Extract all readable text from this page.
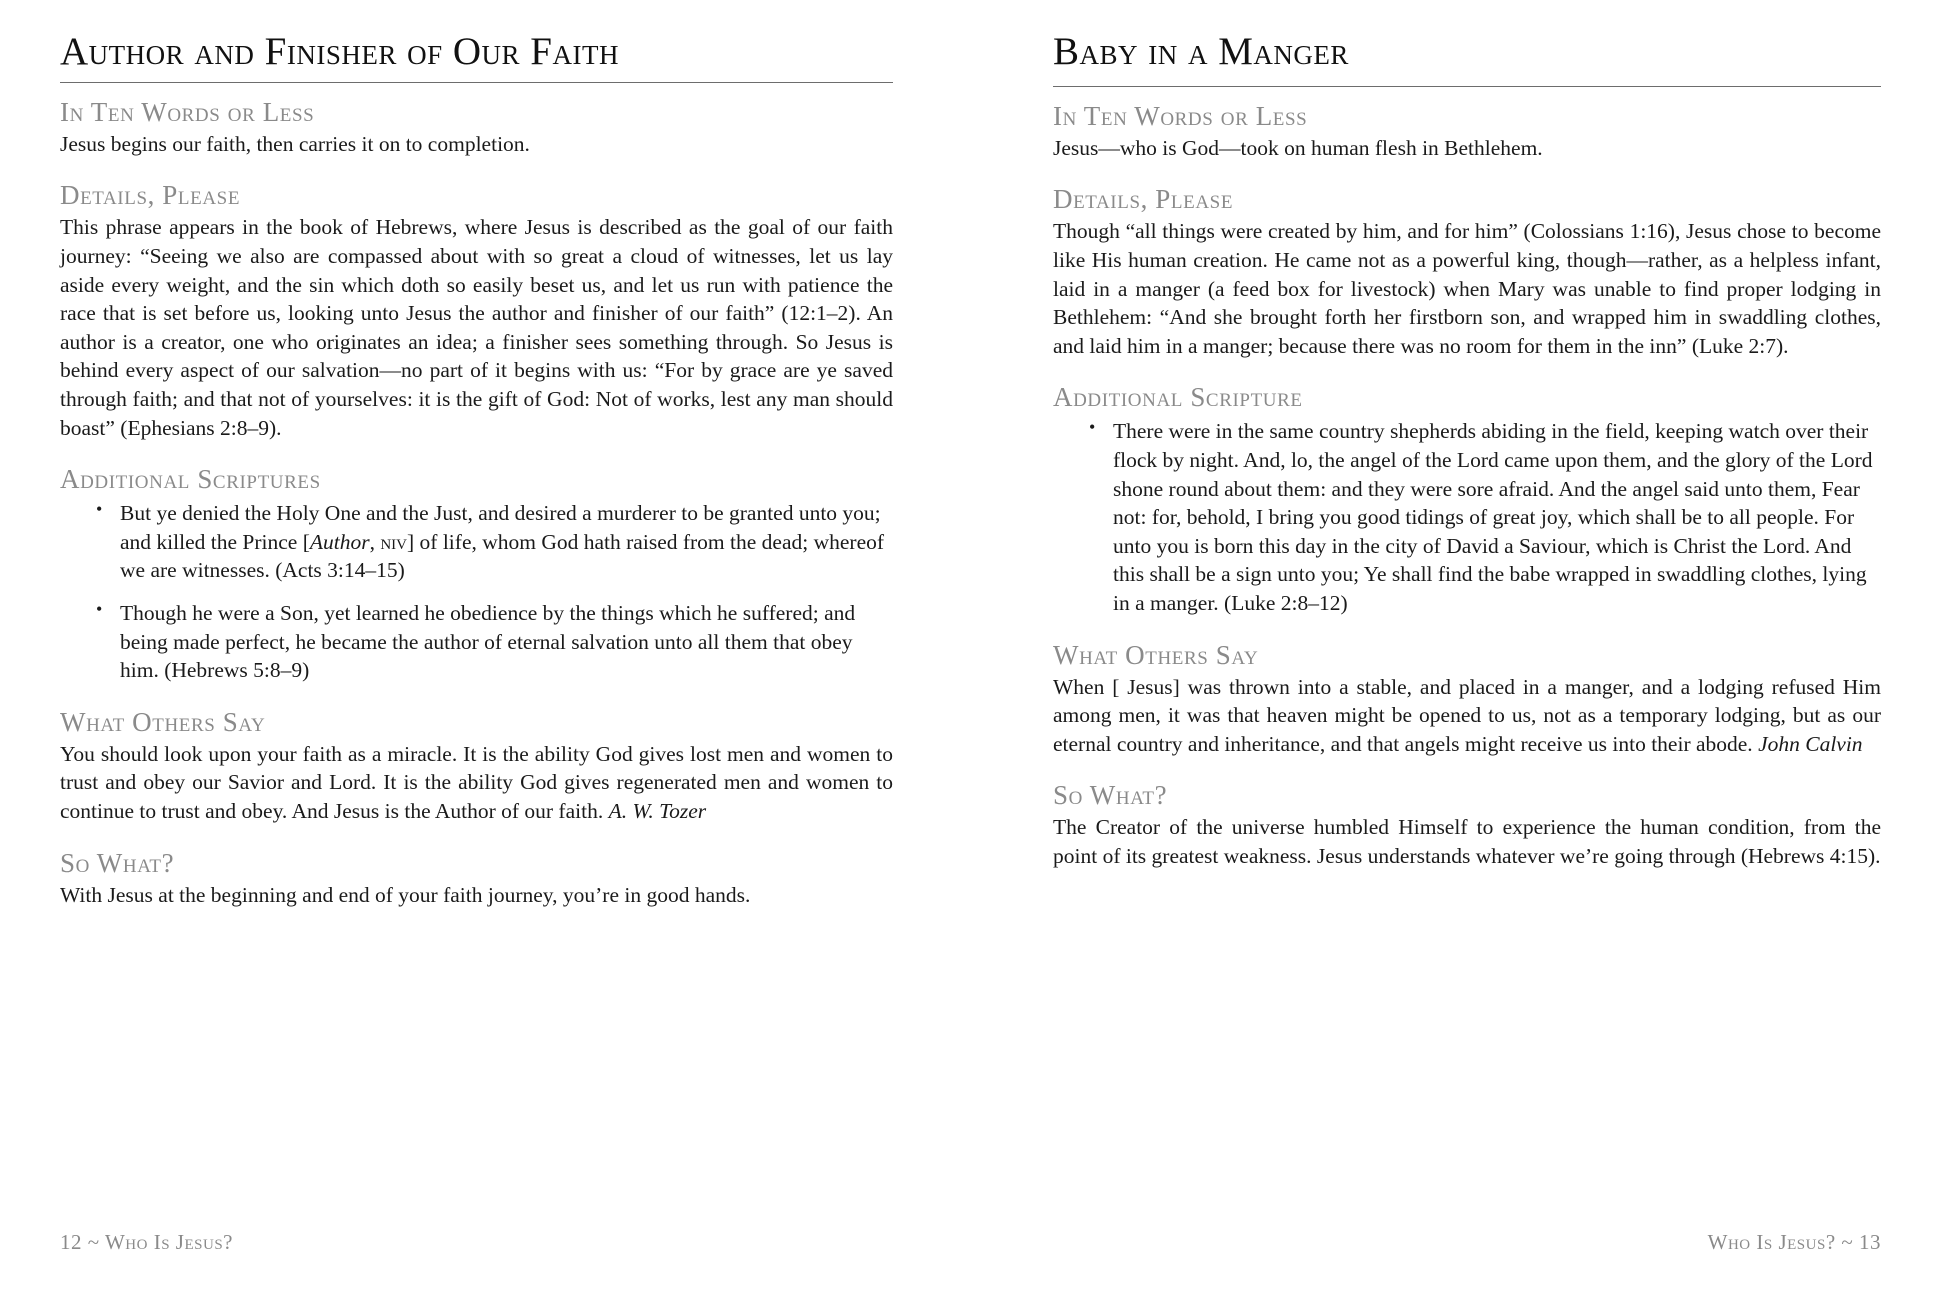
Author and Finisher of Our Faith
In Ten Words or Less

Jesus begins our faith, then carries it on to completion.

Details, Please

This phrase appears in the book of Hebrews, where Jesus is described as the goal of our faith journey: “Seeing we also are compassed about with so great a cloud of witnesses, let us lay aside every weight, and the sin which doth so easily beset us, and let us run with patience the race that is set before us, looking unto Jesus the author and finisher of our faith” (12:1–2). An author is a creator, one who originates an idea; a finisher sees something through. So Jesus is behind every aspect of our salvation—no part of it begins with us: “For by grace are ye saved through faith; and that not of yourselves: it is the gift of God: Not of works, lest any man should boast” (Ephesians 2:8–9).

Additional Scriptures
• But ye denied the Holy One and the Just, and desired a murderer to be granted unto you; and killed the Prince [Author, niv] of life, whom God hath raised from the dead; whereof we are witnesses. (Acts 3:14–15)
• Though he were a Son, yet learned he obedience by the things which he suffered; and being made perfect, he became the author of eternal salvation unto all them that obey him. (Hebrews 5:8–9)
What Others Say

You should look upon your faith as a miracle. It is the ability God gives lost men and women to trust and obey our Savior and Lord. It is the ability God gives regenerated men and women to continue to trust and obey. And Jesus is the Author of our faith. A. W. Tozer

So What?

With Jesus at the beginning and end of your faith journey, you’re in good hands.

12 ~ Who Is Jesus?
Baby in a Manger
In Ten Words or Less

Jesus—who is God—took on human flesh in Bethlehem.

Details, Please

Though “all things were created by him, and for him” (Colossians 1:16), Jesus chose to become like His human creation. He came not as a powerful king, though—rather, as a helpless infant, laid in a manger (a feed box for livestock) when Mary was unable to find proper lodging in Bethlehem: “And she brought forth her firstborn son, and wrapped him in swaddling clothes, and laid him in a manger; because there was no room for them in the inn” (Luke 2:7).

Additional Scripture
• There were in the same country shepherds abiding in the field, keeping watch over their flock by night. And, lo, the angel of the Lord came upon them, and the glory of the Lord shone round about them: and they were sore afraid. And the angel said unto them, Fear not: for, behold, I bring you good tidings of great joy, which shall be to all people. For unto you is born this day in the city of David a Saviour, which is Christ the Lord. And this shall be a sign unto you; Ye shall find the babe wrapped in swaddling clothes, lying in a manger. (Luke 2:8–12)
What Others Say

When [ Jesus] was thrown into a stable, and placed in a manger, and a lodging refused Him among men, it was that heaven might be opened to us, not as a temporary lodging, but as our eternal country and inheritance, and that angels might receive us into their abode. John Calvin

So What?

The Creator of the universe humbled Himself to experience the human condition, from the point of its greatest weakness. Jesus understands whatever we’re going through (Hebrews 4:15).

Who Is Jesus? ~ 13
